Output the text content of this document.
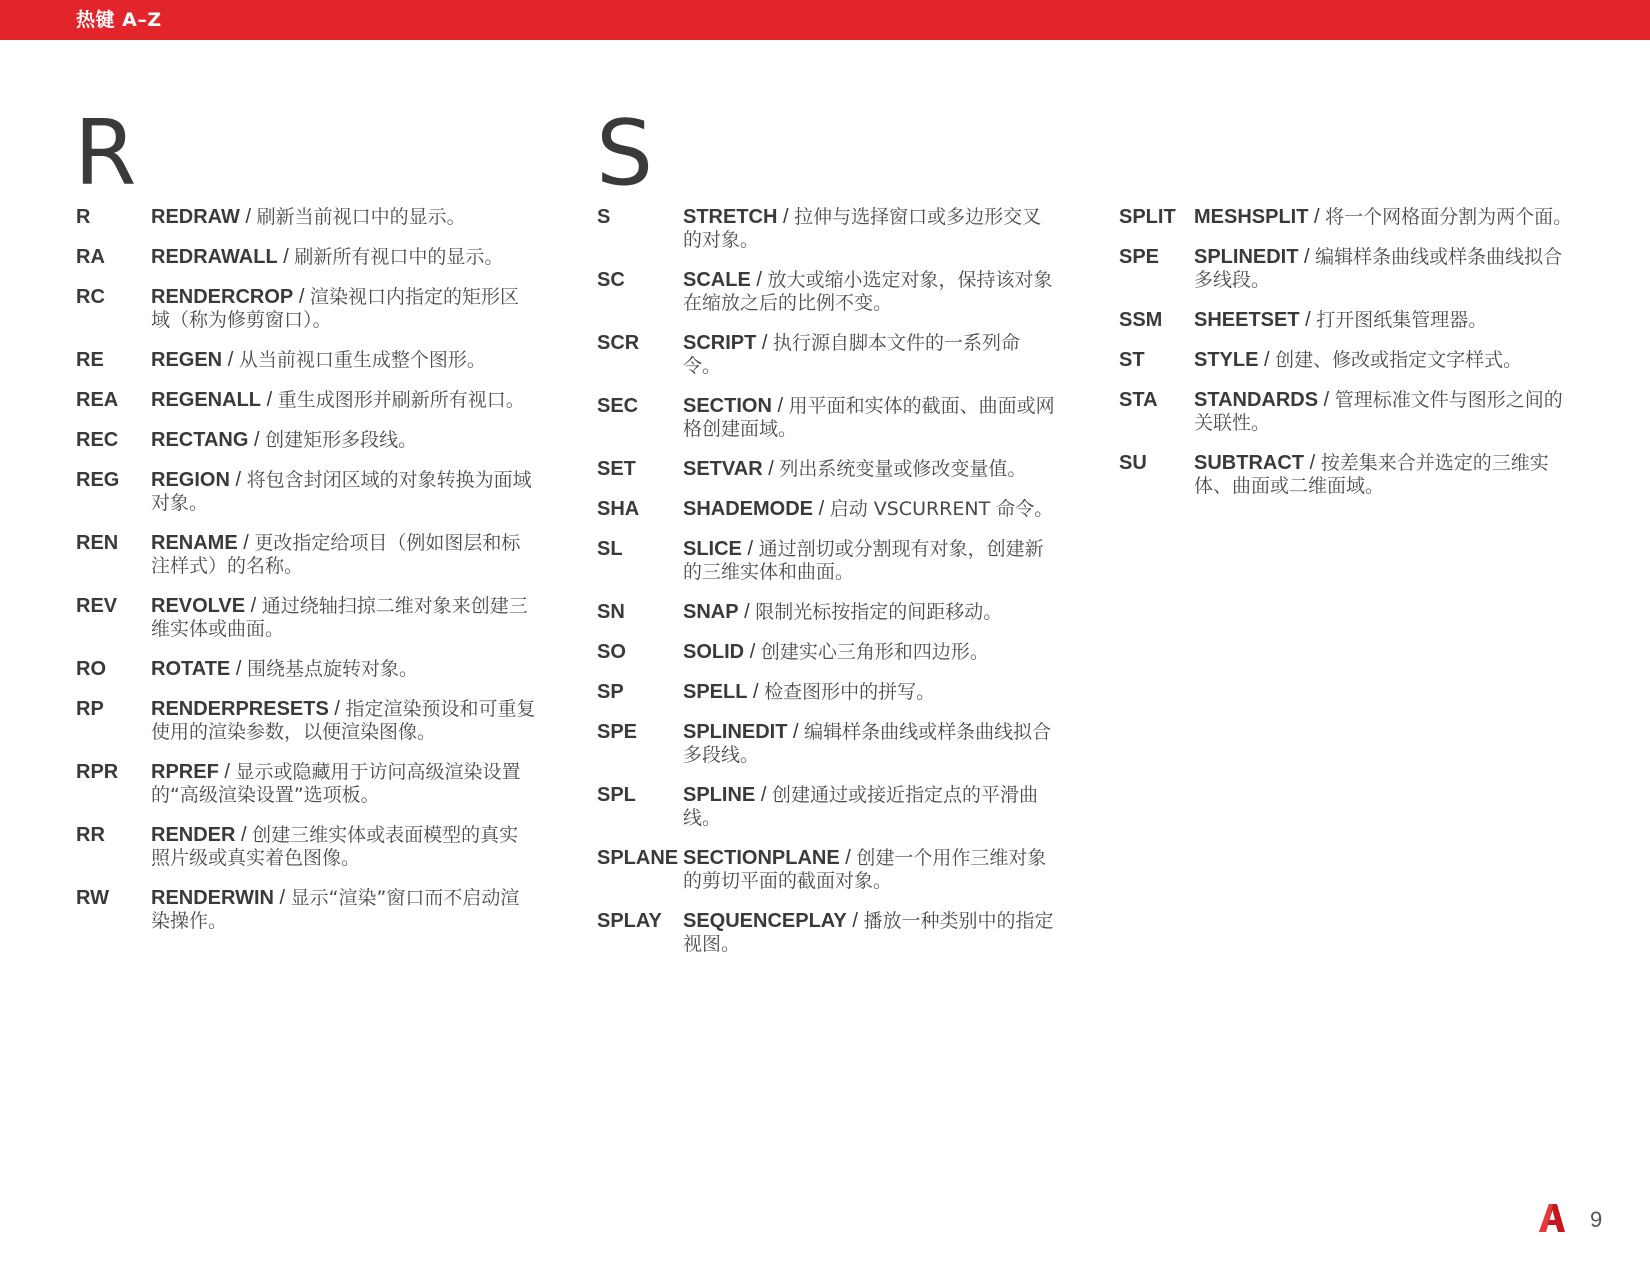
热键 A–Z
R
R	REDRAW / 刷新当前视口中的显示。
RA	REDRAWALL / 刷新所有视口中的显示。
RC	RENDERCROP / 渲染视口内指定的矩形区域（称为修剪窗口）。
RE	REGEN / 从当前视口重生成整个图形。
REA	REGENALL / 重生成图形并刷新所有视口。
REC	RECTANG / 创建矩形多段线。
REG	REGION / 将包含封闭区域的对象转换为面域对象。
REN	RENAME / 更改指定给项目（例如图层和标注样式）的名称。
REV	REVOLVE / 通过绕轴扫掠二维对象来创建三维实体或曲面。
RO	ROTATE / 围绕基点旋转对象。
RP	RENDERPRESETS / 指定渲染预设和可重复使用的渲染参数，以便渲染图像。
RPR	RPREF / 显示或隐藏用于访问高级渲染设置的“高级渲染设置”选项板。
RR	RENDER / 创建三维实体或表面模型的真实照片级或真实着色图像。
RW	RENDERWIN / 显示“渲染”窗口而不启动渲染操作。
S
S	STRETCH / 拉伸与选择窗口或多边形交叉的对象。
SC	SCALE / 放大或缩小选定对象，保持该对象在缩放之后的比例不变。
SCR	SCRIPT / 执行源自脚本文件的一系列命令。
SEC	SECTION / 用平面和实体的截面、曲面或网格创建面域。
SET	SETVAR / 列出系统变量或修改变量值。
SHA	SHADEMODE / 启动 VSCURRENT 命令。
SL	SLICE / 通过剖切或分割现有对象，创建新的三维实体和曲面。
SN	SNAP / 限制光标按指定的间距移动。
SO	SOLID / 创建实心三角形和四边形。
SP	SPELL / 检查图形中的拼写。
SPE	SPLINEDIT / 编辑样条曲线或样条曲线拟合多段线。
SPL	SPLINE / 创建通过或接近指定点的平滑曲线。
SPLANE SECTIONPLANE / 创建一个用作三维对象的剪切平面的截面对象。
SPLAY	SEQUENCEPLAY / 播放一种类别中的指定视图。
SPLIT MESHSPLIT / 将一个网格面分割为两个面。
SPE	SPLINEDIT / 编辑样条曲线或样条曲线拟合多线段。
SSM	SHEETSET / 打开图纸集管理器。
ST	STYLE / 创建、修改或指定文字样式。
STA	STANDARDS / 管理标准文件与图形之间的关联性。
SU	SUBTRACT / 按差集来合并选定的三维实体、曲面或二维面域。
9
